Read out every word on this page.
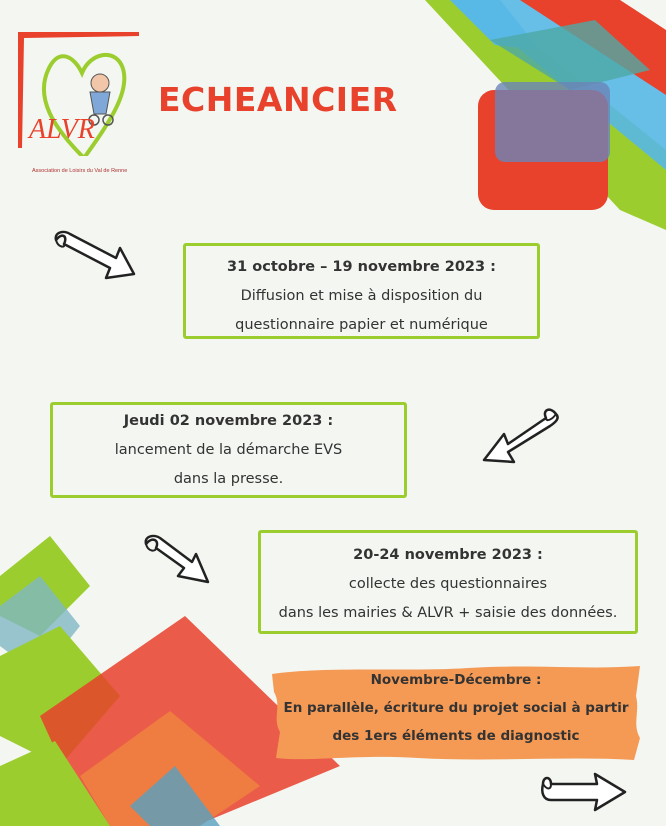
ALVR
Association de Loisirs du Val de Renne
ECHEANCIER
31 octobre – 19 novembre 2023 :
Diffusion et mise à disposition du
questionnaire papier et numérique
Jeudi 02 novembre 2023 :
lancement de la démarche EVS
dans la presse.
20-24 novembre 2023 :
collecte des questionnaires
dans les mairies & ALVR + saisie des données.
Novembre-Décembre :
En parallèle, écriture du projet social à partir
des 1ers éléments de diagnostic
